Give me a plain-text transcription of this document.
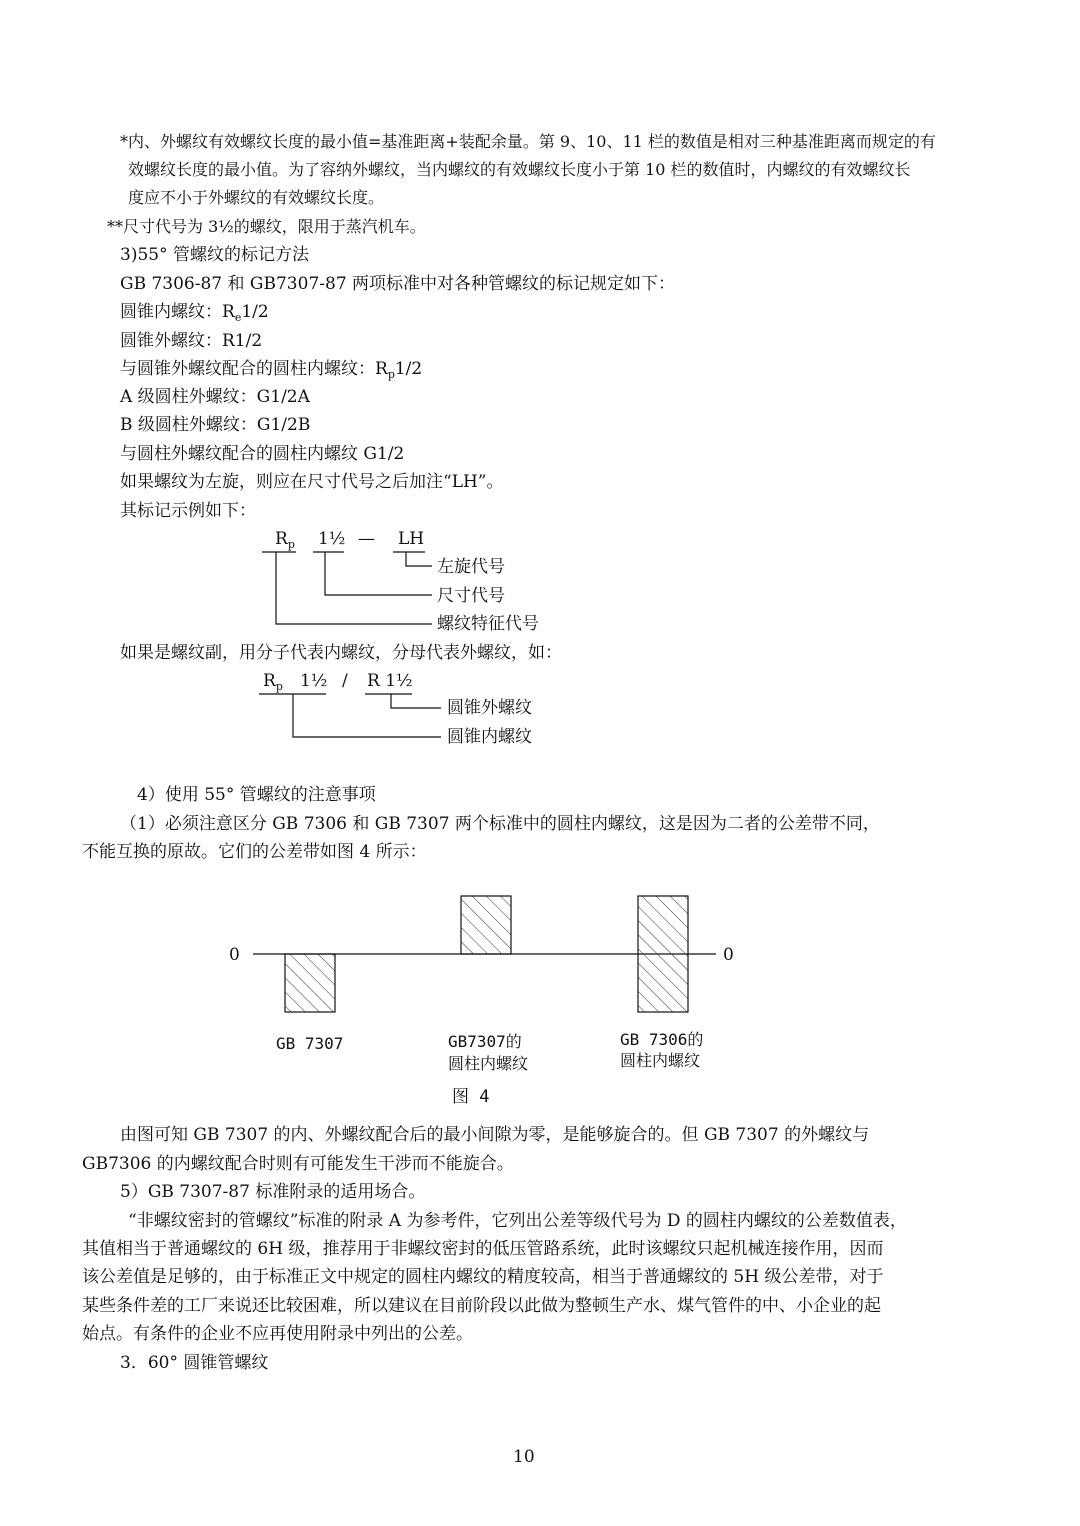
*内、外螺纹有效螺纹长度的最小值=基准距离+装配余量。第 9、10、11 栏的数值是相对三种基准距离而规定的有
效螺纹长度的最小值。为了容纳外螺纹，当内螺纹的有效螺纹长度小于第 10 栏的数值时，内螺纹的有效螺纹长
度应不小于外螺纹的有效螺纹长度。
**尺寸代号为 3½的螺纹，限用于蒸汽机车。
3)55° 管螺纹的标记方法
GB 7306-87 和 GB7307-87 两项标准中对各种管螺纹的标记规定如下：
圆锥内螺纹：$R_e1/2$
圆锥外螺纹：R1/2
与圆锥外螺纹配合的圆柱内螺纹：$R_p1/2$
A 级圆柱外螺纹：G1/2A
B 级圆柱外螺纹：G1/2B
与圆柱外螺纹配合的圆柱内螺纹 G1/2
如果螺纹为左旋，则应在尺寸代号之后加注“LH”。
其标记示例如下：
$R_p$ 1½ — LH
左旋代号
尺寸代号
螺纹特征代号
如果是螺纹副，用分子代表内螺纹，分母代表外螺纹，如：
$R_p$ 1½ / R 1½
圆锥外螺纹
圆锥内螺纹
4）使用 55° 管螺纹的注意事项
（1）必须注意区分 GB 7306 和 GB 7307 两个标准中的圆柱内螺纹，这是因为二者的公差带不同，
不能互换的原故。它们的公差带如图 4 所示：
0	0
GB 7307	GB7307的
圆柱内螺纹
GB 7306的
圆柱内螺纹
图 4
由图可知 GB 7307 的内、外螺纹配合后的最小间隙为零，是能够旋合的。但 GB 7307 的外螺纹与
GB7306 的内螺纹配合时则有可能发生干涉而不能旋合。
5）GB 7307-87 标准附录的适用场合。
“非螺纹密封的管螺纹”标准的附录 A 为参考件，它列出公差等级代号为 D 的圆柱内螺纹的公差数值表，
其值相当于普通螺纹的 6H 级，推荐用于非螺纹密封的低压管路系统，此时该螺纹只起机械连接作用，因而
该公差值是足够的，由于标准正文中规定的圆柱内螺纹的精度较高，相当于普通螺纹的 5H 级公差带，对于
某些条件差的工厂来说还比较困难，所以建议在目前阶段以此做为整顿生产水、煤气管件的中、小企业的起
始点。有条件的企业不应再使用附录中列出的公差。
3．60° 圆锥管螺纹
10
